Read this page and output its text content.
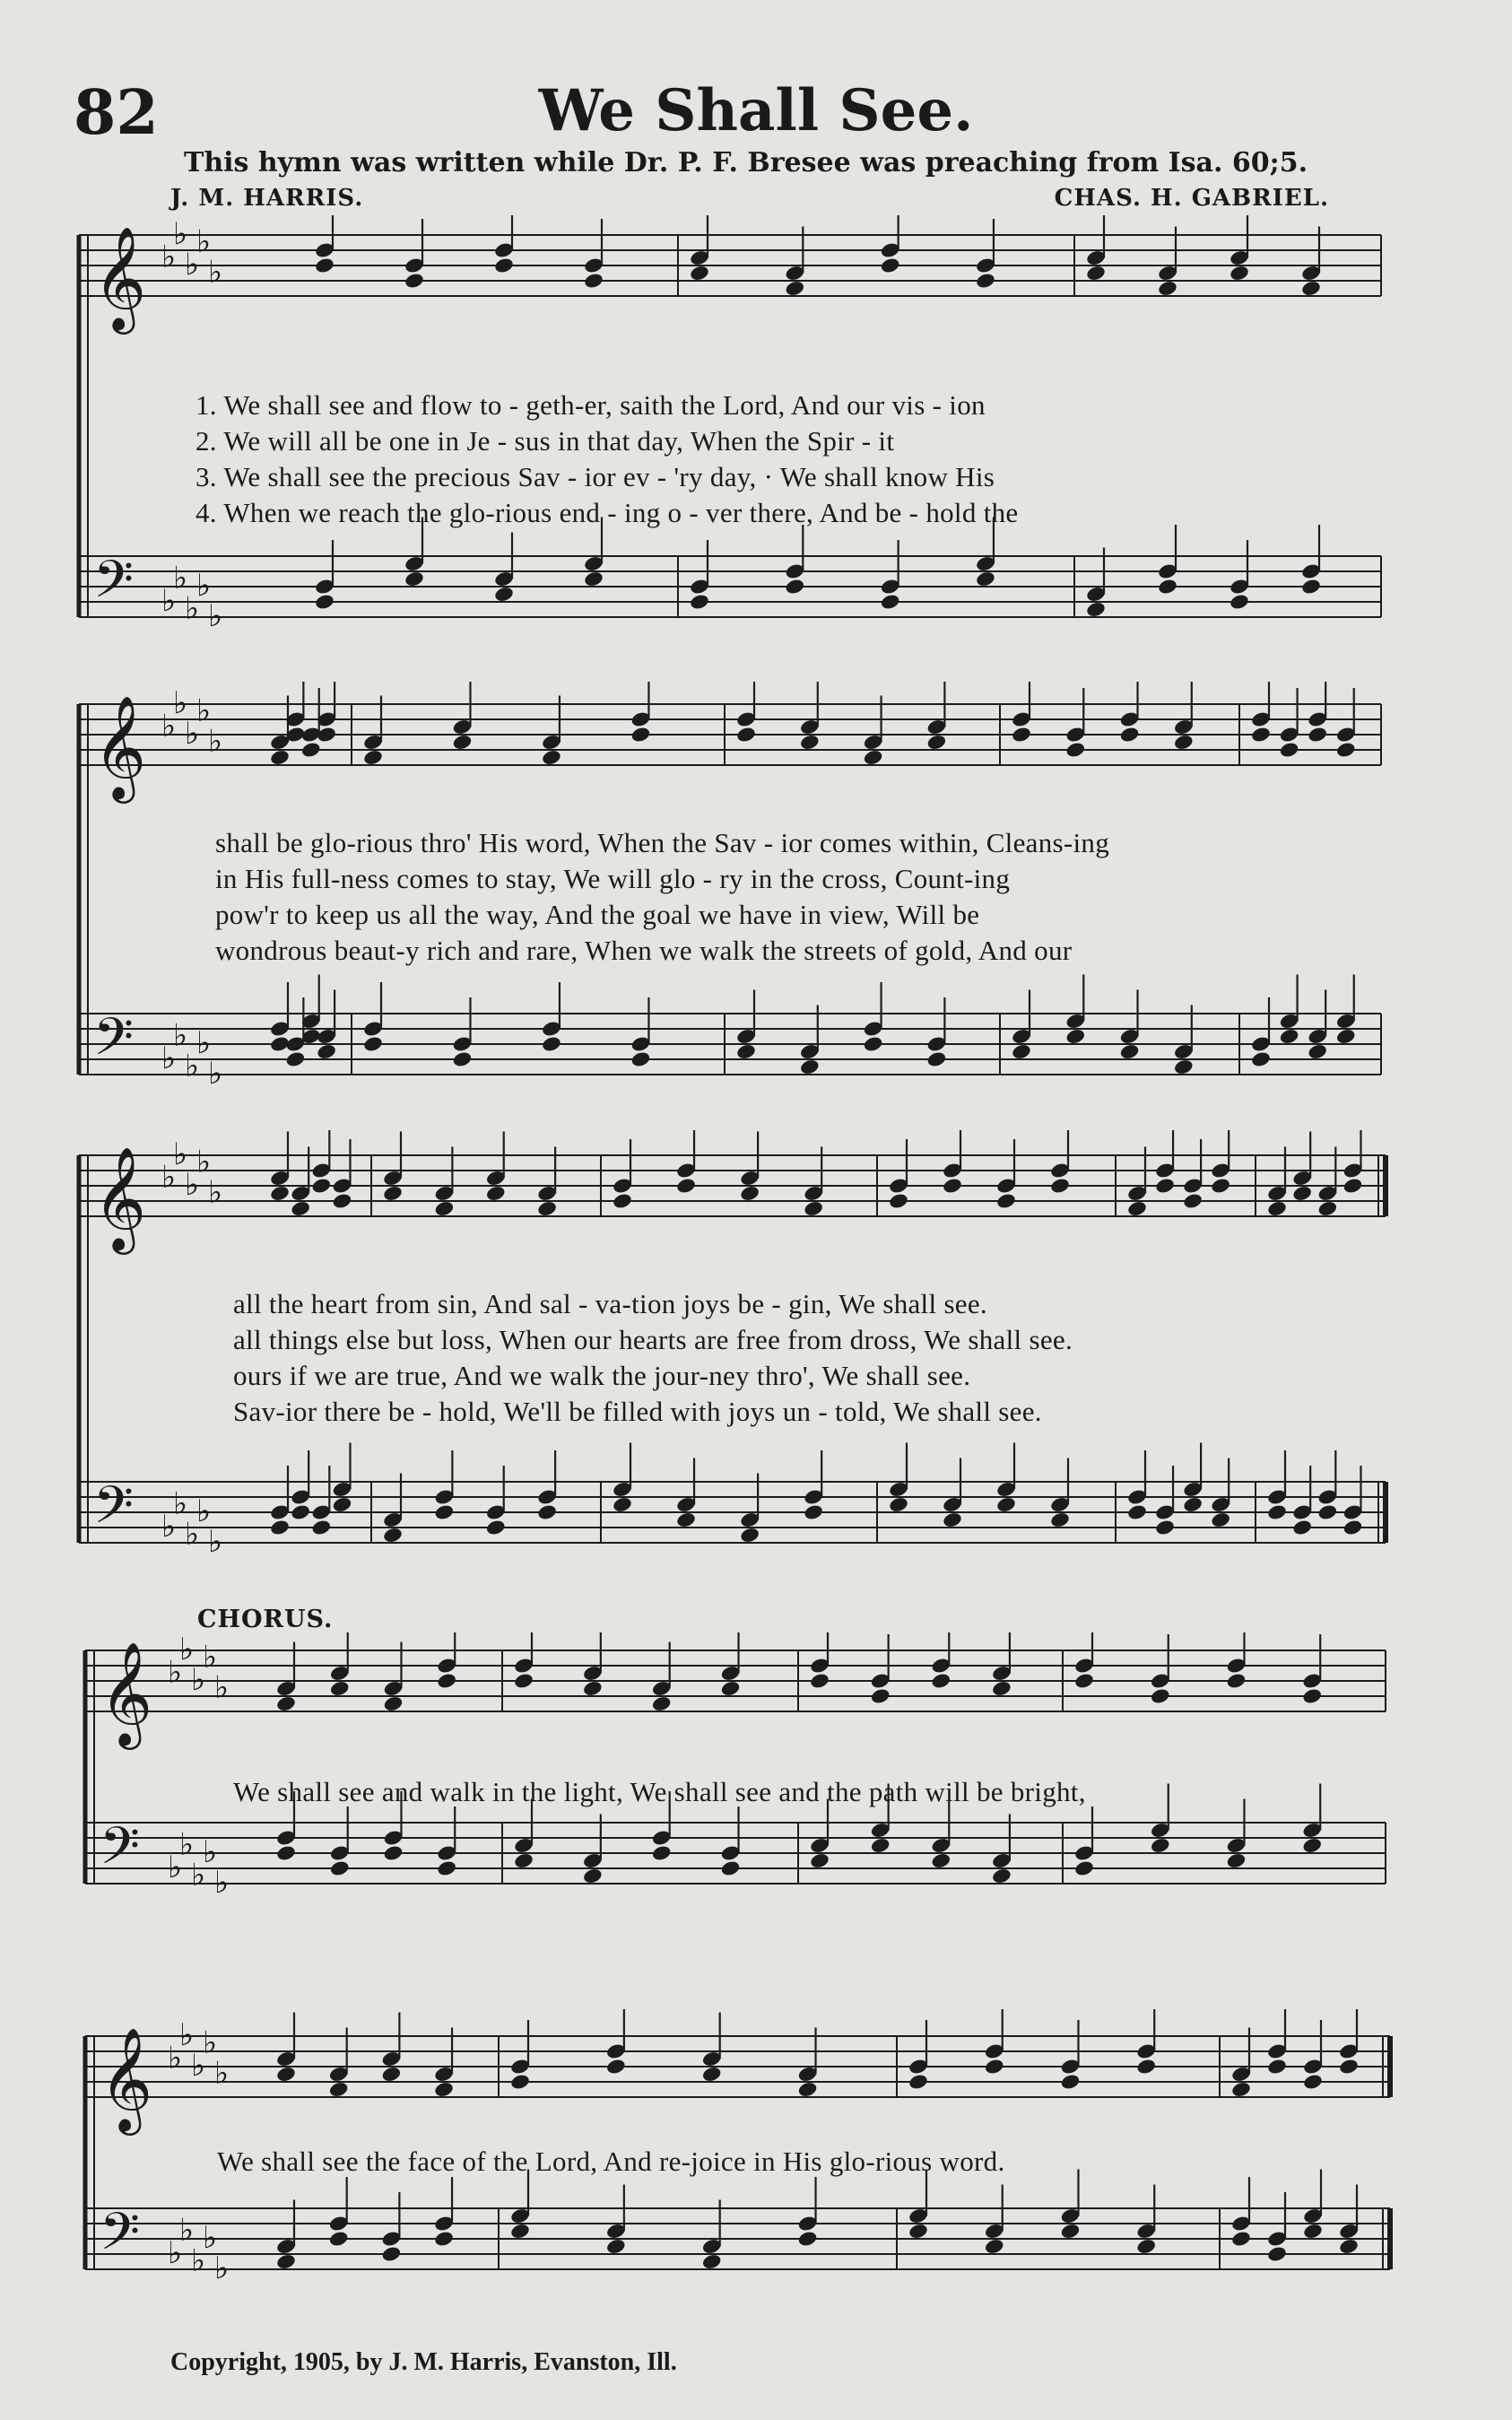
82	We Shall See.
This hymn was written while Dr. P. F. Bresee was preaching from Isa. 60;5.
J. M. HARRIS.	CHAS. H. GABRIEL.
𝄞 ♭
♭
♭
♭
♭
𝄢 ♭
♭
♭
♭
♭
1. We shall see and flow to - geth-er, saith the Lord, And our vis - ion
2. We will all be one in Je - sus in that day, When the Spir - it
3. We shall see the precious Sav - ior ev - 'ry day, · We shall know His
4. When we reach the glo-rious end - ing o - ver there, And be - hold the
𝄞 ♭
♭
♭
♭
♭
𝄢 ♭
♭
♭
♭
♭
shall be glo-rious thro' His word, When the Sav - ior comes within, Cleans-ing
in His full-ness comes to stay, We will glo - ry in the cross, Count-ing
pow'r to keep us all the way, And the goal we have in view, Will be
wondrous beaut-y rich and rare, When we walk the streets of gold, And our
𝄞 ♭
♭
♭
♭
♭
𝄢 ♭
♭
♭
♭
♭
all the heart from sin, And sal - va-tion joys be - gin, We shall see.
all things else but loss, When our hearts are free from dross, We shall see.
ours if we are true, And we walk the jour-ney thro', We shall see.
Sav-ior there be - hold, We'll be filled with joys un - told, We shall see.
CHORUS.
𝄞 ♭
♭
♭
♭
♭
𝄢 ♭
♭
♭
♭
♭
We shall see and walk in the light, We shall see and the path will be bright,
𝄞 ♭
♭
♭
♭
♭
𝄢 ♭
♭
♭
♭
♭
We shall see the face of the Lord, And re-joice in His glo-rious word.
Copyright, 1905, by J. M. Harris, Evanston, Ill.
